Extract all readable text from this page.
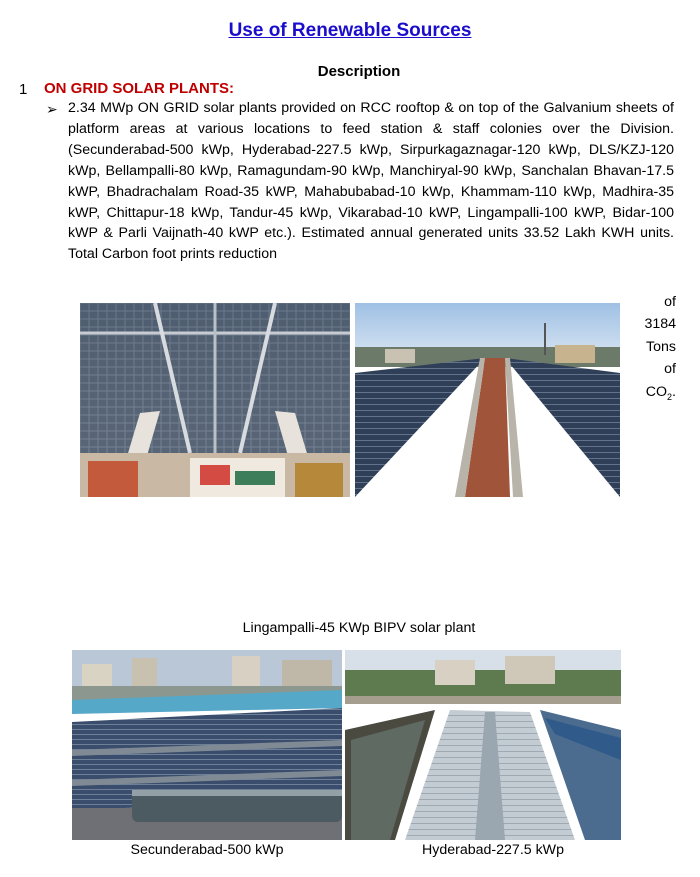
Use of Renewable Sources
Description
1 ON GRID SOLAR PLANTS:
➢ 2.34 MWp ON GRID solar plants provided on RCC rooftop & on top of the Galvanium sheets of platform areas at various locations to feed station & staff colonies over the Division. (Secunderabad-500 kWp, Hyderabad-227.5 kWp, Sirpurkagaznagar-120 kWp, DLS/KZJ-120 kWp, Bellampalli-80 kWp, Ramagundam-90 kWp, Manchiryal-90 kWp, Sanchalan Bhavan-17.5 kWP, Bhadrachalam Road-35 kWP, Mahabubabad-10 kWp, Khammam-110 kWp, Madhira-35 kWP, Chittapur-18 kWp, Tandur-45 kWp, Vikarabad-10 kWP, Lingampalli-100 kWP, Bidar-100 kWP & Parli Vaijnath-40 kWP etc.). Estimated annual generated units 33.52 Lakh KWH units. Total Carbon foot prints reduction
of
3184
Tons
of
$CO_2$.
Lingampalli-45 KWp BIPV solar plant
Secunderabad-500 kWp	Hyderabad-227.5 kWp
